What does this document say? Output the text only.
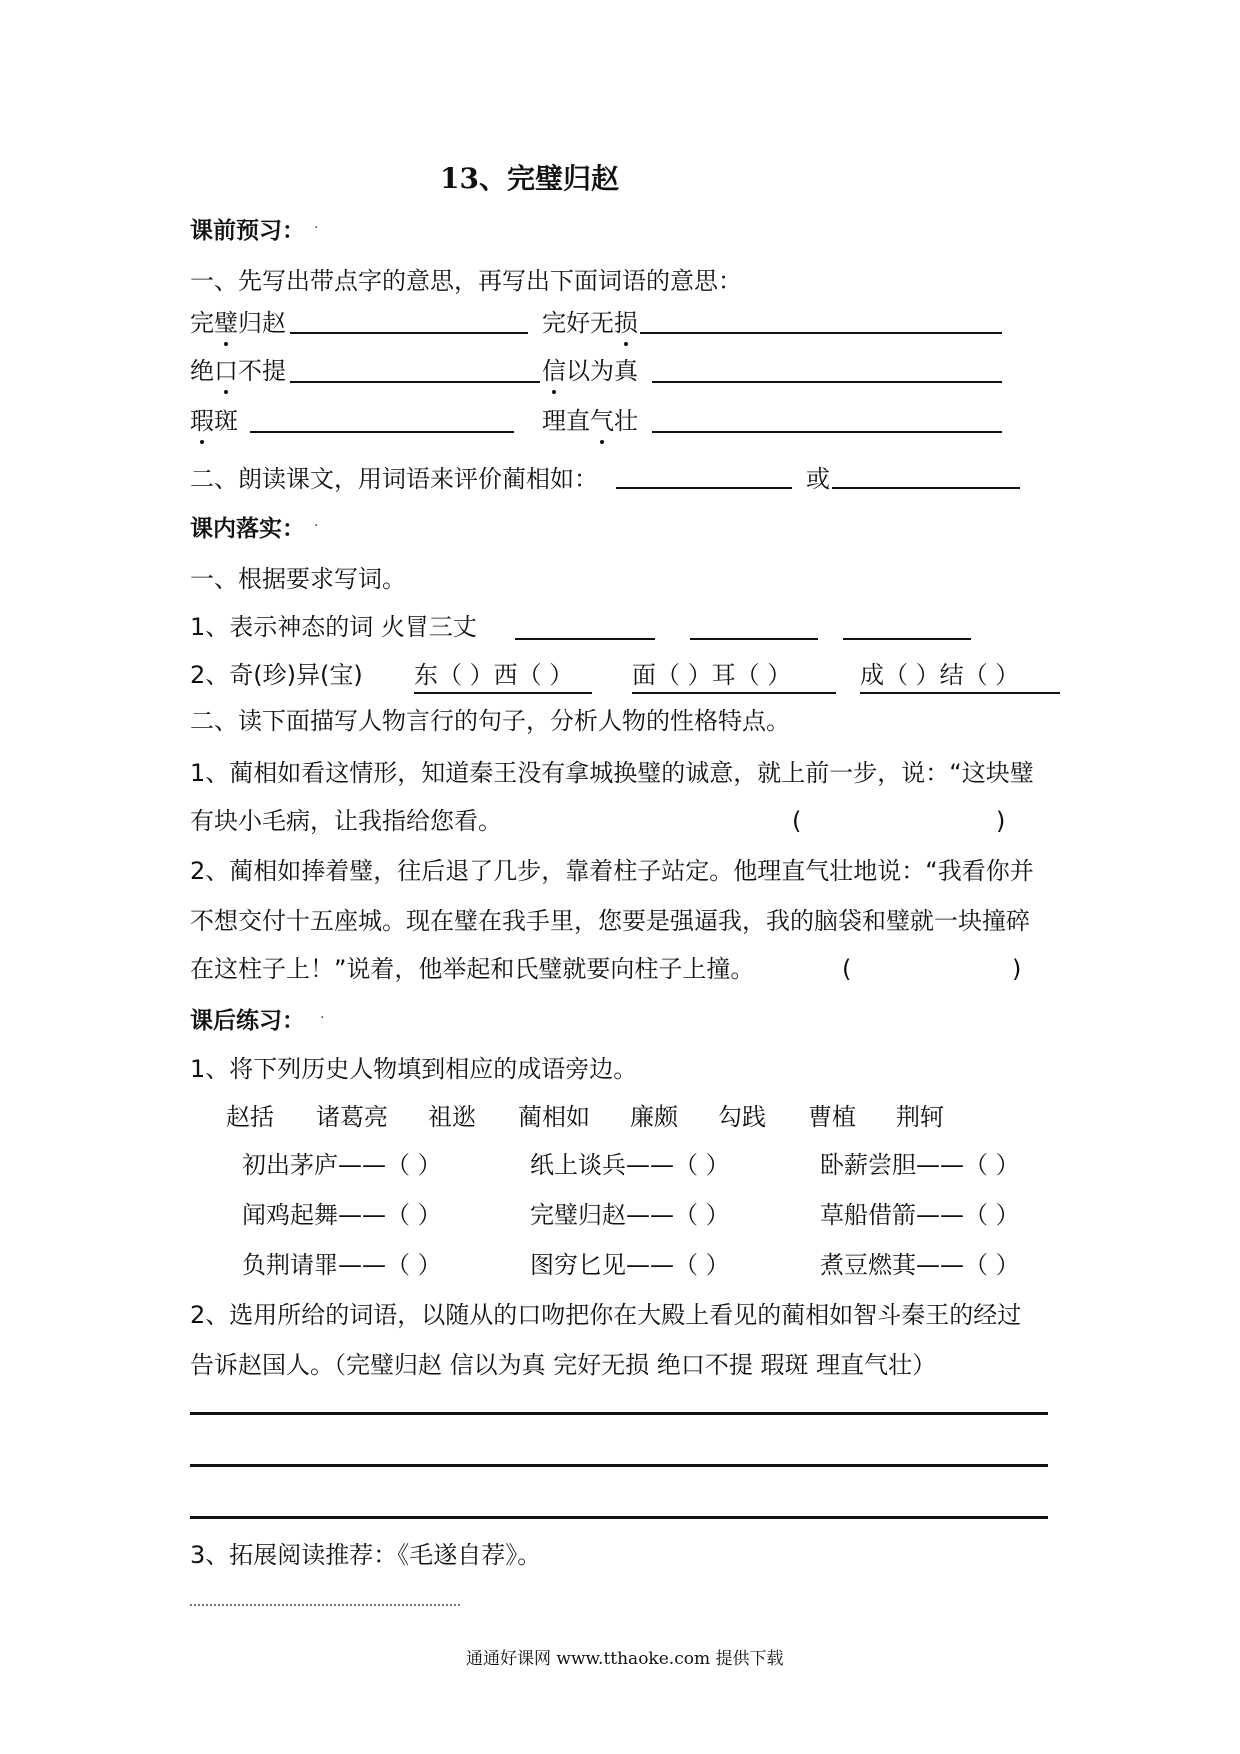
13、完璧归赵
课前预习： .
一、先写出带点字的意思，再写出下面词语的意思：
完璧归赵	完好无损
绝口不提	信以为真
瑕斑	理直气壮
二、朗读课文，用词语来评价蔺相如：	或
课内落实： .
一、根据要求写词。
1、表示神态的词 火冒三丈
2、奇(珍)异(宝) 东（ ）西（ ）	面（ ）耳（ ）	成（ ）结（ ）
二、读下面描写人物言行的句子，分析人物的性格特点。
1、蔺相如看这情形，知道秦王没有拿城换璧的诚意，就上前一步，说：“这块璧
有块小毛病，让我指给您看。	(	)
2、蔺相如捧着璧，往后退了几步，靠着柱子站定。他理直气壮地说：“我看你并
不想交付十五座城。现在璧在我手里，您要是强逼我，我的脑袋和璧就一块撞碎
在这柱子上！”说着，他举起和氏璧就要向柱子上撞。	(	)
课后练习： .
1、将下列历史人物填到相应的成语旁边。
赵括 诸葛亮 祖逖 蔺相如 廉颇 勾践 曹植 荆轲
初出茅庐——（ ）	纸上谈兵——（ ）	卧薪尝胆——（ ）
闻鸡起舞——（ ）	完璧归赵——（ ）	草船借箭——（ ）
负荆请罪——（ ）	图穷匕见——（ ）	煮豆燃萁——（ ）
2、选用所给的词语，以随从的口吻把你在大殿上看见的蔺相如智斗秦王的经过
告诉赵国人。（完璧归赵 信以为真 完好无损 绝口不提 瑕斑 理直气壮）
3、拓展阅读推荐：《毛遂自荐》。
通通好课网 www.tthaoke.com 提供下载
